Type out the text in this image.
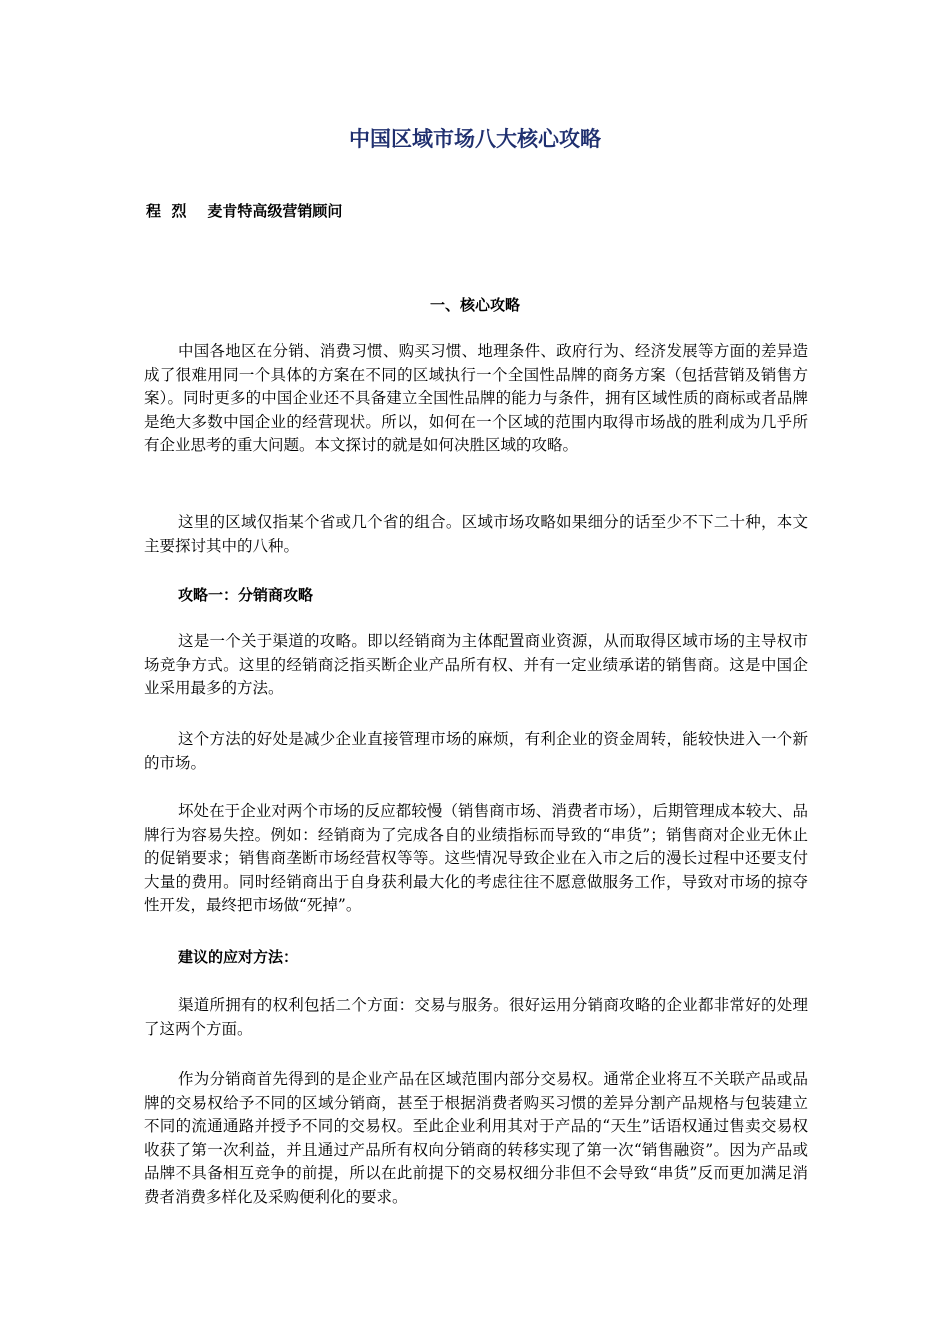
中国区域市场八大核心攻略
程  烈    麦肯特高级营销顾问
一、核心攻略

中国各地区在分销、消费习惯、购买习惯、地理条件、政府行为、经济发展等方面的差异造成了很难用同一个具体的方案在不同的区域执行一个全国性品牌的商务方案（包括营销及销售方案）。同时更多的中国企业还不具备建立全国性品牌的能力与条件，拥有区域性质的商标或者品牌是绝大多数中国企业的经营现状。所以，如何在一个区域的范围内取得市场战的胜利成为几乎所有企业思考的重大问题。本文探讨的就是如何决胜区域的攻略。

这里的区域仅指某个省或几个省的组合。区域市场攻略如果细分的话至少不下二十种，本文主要探讨其中的八种。

攻略一：分销商攻略

这是一个关于渠道的攻略。即以经销商为主体配置商业资源，从而取得区域市场的主导权市场竞争方式。这里的经销商泛指买断企业产品所有权、并有一定业绩承诺的销售商。这是中国企业采用最多的方法。

这个方法的好处是减少企业直接管理市场的麻烦，有利企业的资金周转，能较快进入一个新的市场。

坏处在于企业对两个市场的反应都较慢（销售商市场、消费者市场），后期管理成本较大、品牌行为容易失控。例如：经销商为了完成各自的业绩指标而导致的“串货”；销售商对企业无休止的促销要求；销售商垄断市场经营权等等。这些情况导致企业在入市之后的漫长过程中还要支付大量的费用。同时经销商出于自身获利最大化的考虑往往不愿意做服务工作，导致对市场的掠夺性开发，最终把市场做“死掉”。

建议的应对方法：

渠道所拥有的权利包括二个方面：交易与服务。很好运用分销商攻略的企业都非常好的处理了这两个方面。

作为分销商首先得到的是企业产品在区域范围内部分交易权。通常企业将互不关联产品或品牌的交易权给予不同的区域分销商，甚至于根据消费者购买习惯的差异分割产品规格与包装建立不同的流通通路并授予不同的交易权。至此企业利用其对于产品的“天生”话语权通过售卖交易权收获了第一次利益，并且通过产品所有权向分销商的转移实现了第一次“销售融资”。因为产品或品牌不具备相互竞争的前提，所以在此前提下的交易权细分非但不会导致“串货”反而更加满足消费者消费多样化及采购便利化的要求。
